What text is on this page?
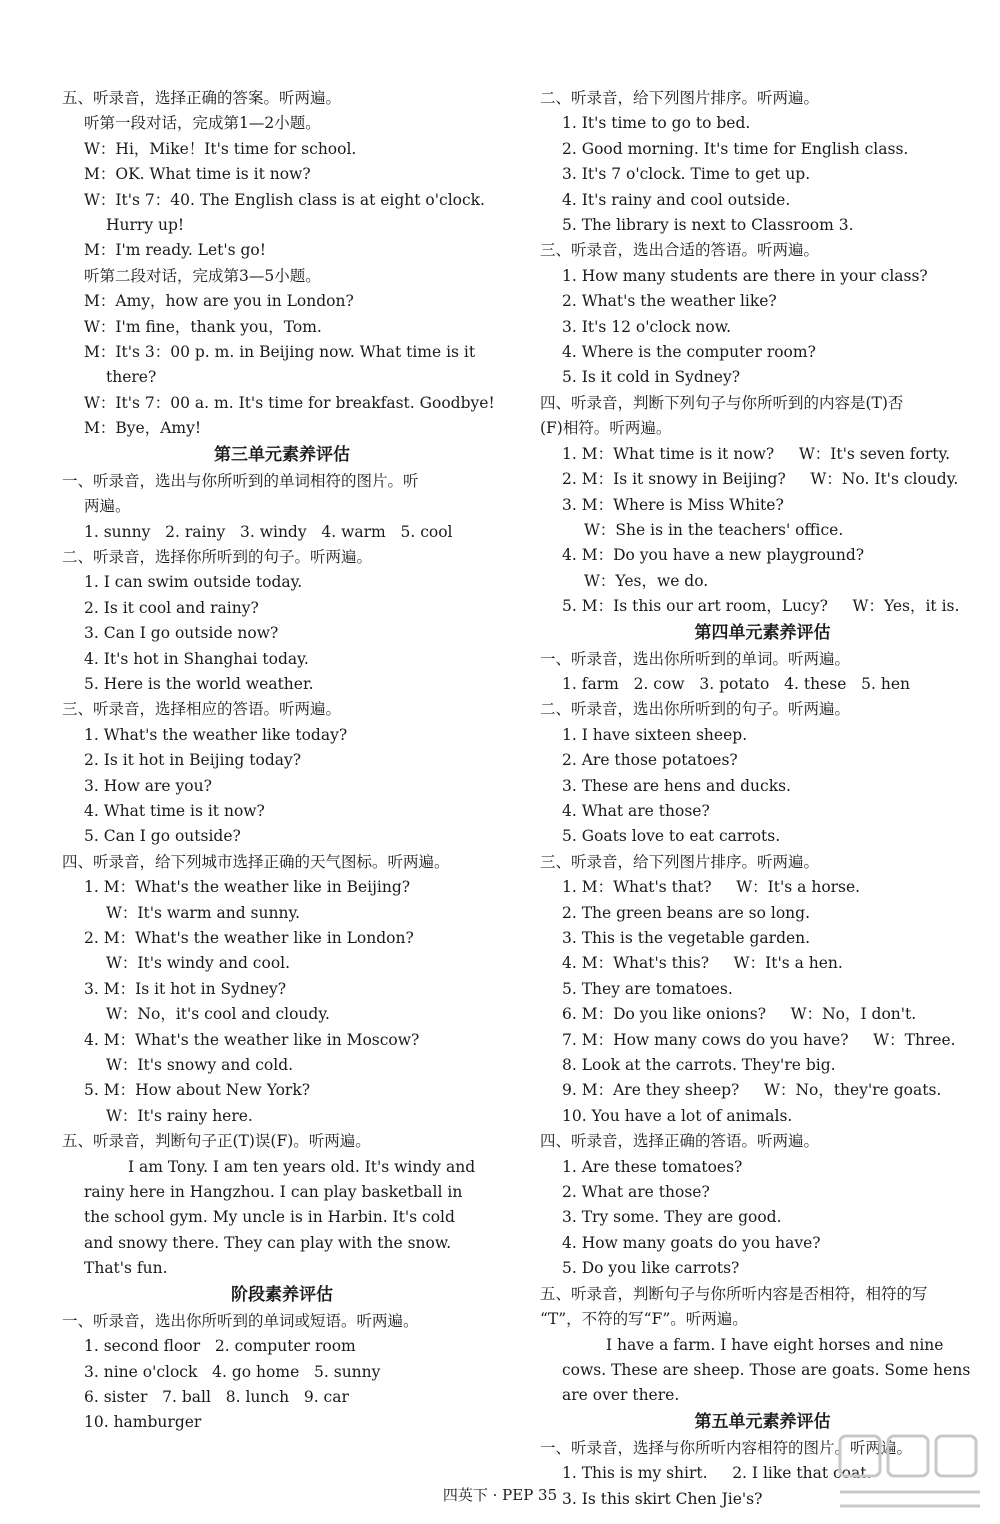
五、听录音，选择正确的答案。听两遍。
听第一段对话，完成第1—2小题。
W：Hi，Mike！It's time for school.
M：OK. What time is it now?
W：It's 7：40. The English class is at eight o'clock.
Hurry up!
M：I'm ready. Let's go!
听第二段对话，完成第3—5小题。
M：Amy，how are you in London?
W：I'm fine，thank you，Tom.
M：It's 3：00 p. m. in Beijing now. What time is it
there?
W：It's 7：00 a. m. It's time for breakfast. Goodbye!
M：Bye，Amy!
第三单元素养评估
一、听录音，选出与你所听到的单词相符的图片。听
两遍。
1. sunny   2. rainy   3. windy   4. warm   5. cool
二、听录音，选择你所听到的句子。听两遍。
1. I can swim outside today.
2. Is it cool and rainy?
3. Can I go outside now?
4. It's hot in Shanghai today.
5. Here is the world weather.
三、听录音，选择相应的答语。听两遍。
1. What's the weather like today?
2. Is it hot in Beijing today?
3. How are you?
4. What time is it now?
5. Can I go outside?
四、听录音，给下列城市选择正确的天气图标。听两遍。
1. M：What's the weather like in Beijing?
W：It's warm and sunny.
2. M：What's the weather like in London?
W：It's windy and cool.
3. M：Is it hot in Sydney?
W：No，it's cool and cloudy.
4. M：What's the weather like in Moscow?
W：It's snowy and cold.
5. M：How about New York?
W：It's rainy here.
五、听录音，判断句子正(T)误(F)。听两遍。
I am Tony. I am ten years old. It's windy and
rainy here in Hangzhou. I can play basketball in
the school gym. My uncle is in Harbin. It's cold
and snowy there. They can play with the snow.
That's fun.
阶段素养评估
一、听录音，选出你所听到的单词或短语。听两遍。
1. second floor   2. computer room
3. nine o'clock   4. go home   5. sunny
6. sister   7. ball   8. lunch   9. car
10. hamburger
二、听录音，给下列图片排序。听两遍。
1. It's time to go to bed.
2. Good morning. It's time for English class.
3. It's 7 o'clock. Time to get up.
4. It's rainy and cool outside.
5. The library is next to Classroom 3.
三、听录音，选出合适的答语。听两遍。
1. How many students are there in your class?
2. What's the weather like?
3. It's 12 o'clock now.
4. Where is the computer room?
5. Is it cold in Sydney?
四、听录音，判断下列句子与你所听到的内容是(T)否
(F)相符。听两遍。
1. M：What time is it now?     W：It's seven forty.
2. M：Is it snowy in Beijing?     W：No. It's cloudy.
3. M：Where is Miss White?
W：She is in the teachers' office.
4. M：Do you have a new playground?
W：Yes，we do.
5. M：Is this our art room，Lucy?     W：Yes，it is.
第四单元素养评估
一、听录音，选出你所听到的单词。听两遍。
1. farm   2. cow   3. potato   4. these   5. hen
二、听录音，选出你所听到的句子。听两遍。
1. I have sixteen sheep.
2. Are those potatoes?
3. These are hens and ducks.
4. What are those?
5. Goats love to eat carrots.
三、听录音，给下列图片排序。听两遍。
1. M：What's that?     W：It's a horse.
2. The green beans are so long.
3. This is the vegetable garden.
4. M：What's this?     W：It's a hen.
5. They are tomatoes.
6. M：Do you like onions?     W：No，I don't.
7. M：How many cows do you have?     W：Three.
8. Look at the carrots. They're big.
9. M：Are they sheep?     W：No，they're goats.
10. You have a lot of animals.
四、听录音，选择正确的答语。听两遍。
1. Are these tomatoes?
2. What are those?
3. Try some. They are good.
4. How many goats do you have?
5. Do you like carrots?
五、听录音，判断句子与你所听内容是否相符，相符的写
“T”，不符的写“F”。听两遍。
I have a farm. I have eight horses and nine
cows. These are sheep. Those are goats. Some hens
are over there.
第五单元素养评估
一、听录音，选择与你所听内容相符的图片。听两遍。
1. This is my shirt.     2. I like that coat.
3. Is this skirt Chen Jie's?
四英下 · PEP 35
